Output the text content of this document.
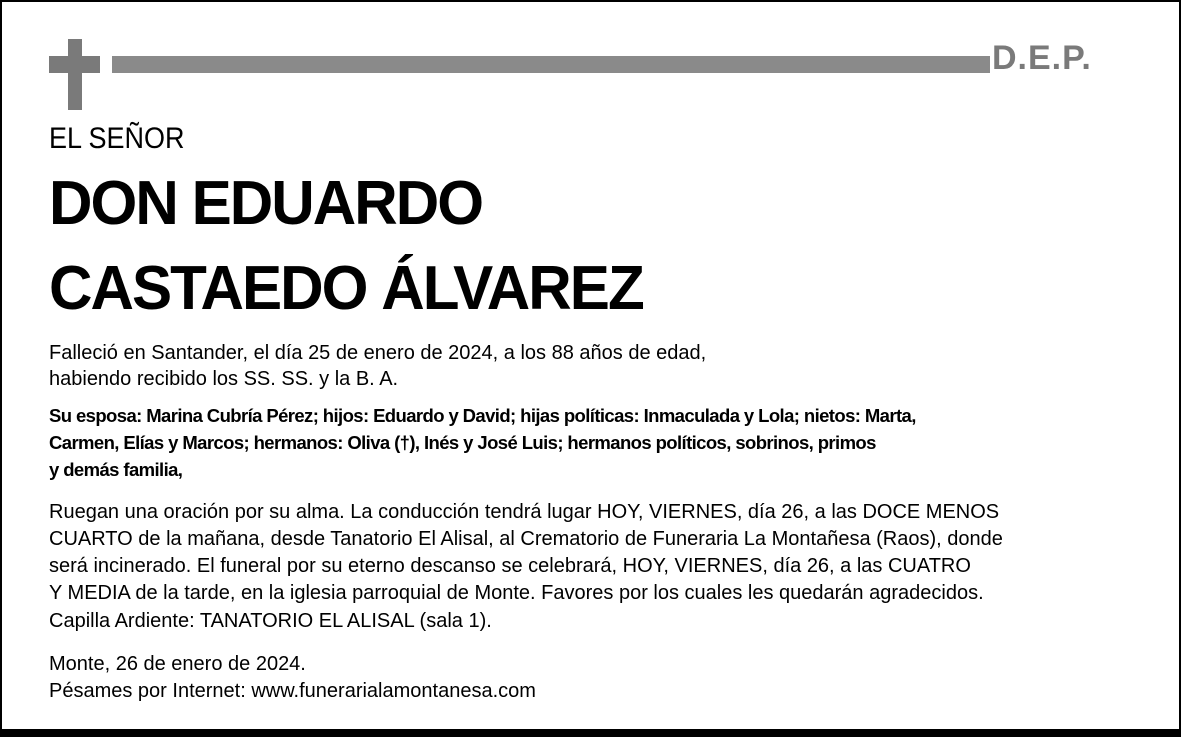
D.E.P.
EL SEÑOR
DON EDUARDO
CASTAEDO ÁLVAREZ
Falleció en Santander, el día 25 de enero de 2024, a los 88 años de edad,
habiendo recibido los SS. SS. y la B. A.
Su esposa: Marina Cubría Pérez; hijos: Eduardo y David; hijas políticas: Inmaculada y Lola; nietos: Marta,
Carmen, Elías y Marcos; hermanos: Oliva (†), Inés y José Luis; hermanos políticos, sobrinos, primos
y demás familia,
Ruegan una oración por su alma. La conducción tendrá lugar HOY, VIERNES, día 26, a las DOCE MENOS
CUARTO de la mañana, desde Tanatorio El Alisal, al Crematorio de Funeraria La Montañesa (Raos), donde
será incinerado. El funeral por su eterno descanso se celebrará, HOY, VIERNES, día 26, a las CUATRO
Y MEDIA de la tarde, en la iglesia parroquial de Monte. Favores por los cuales les quedarán agradecidos.
Capilla Ardiente: TANATORIO EL ALISAL (sala 1).
Monte, 26 de enero de 2024.
Pésames por Internet: www.funerarialamontanesa.com
